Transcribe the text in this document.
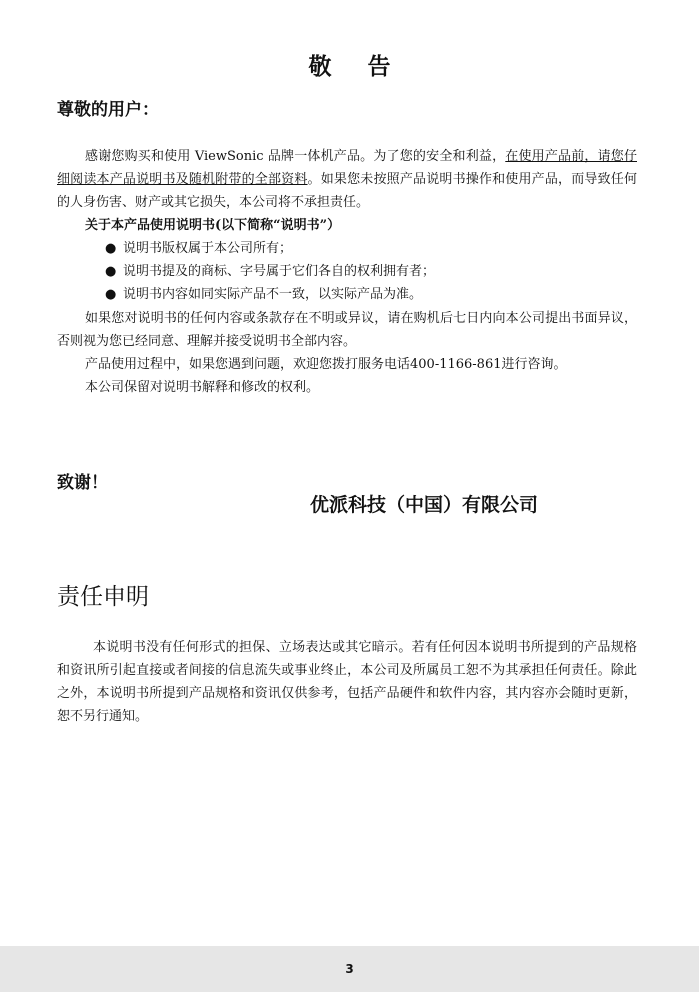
敬 告
尊敬的用户：
感谢您购买和使用 ViewSonic 品牌一体机产品。为了您的安全和利益，在使用产品前，请您仔细阅读本产品说明书及随机附带的全部资料。如果您未按照产品说明书操作和使用产品，而导致任何的人身伤害、财产或其它损失，本公司将不承担责任。
关于本产品使用说明书(以下简称“说明书”）
● 说明书版权属于本公司所有；
● 说明书提及的商标、字号属于它们各自的权利拥有者；
● 说明书内容如同实际产品不一致，以实际产品为准。
如果您对说明书的任何内容或条款存在不明或异议，请在购机后七日内向本公司提出书面异议，否则视为您已经同意、理解并接受说明书全部内容。
产品使用过程中，如果您遇到问题，欢迎您拨打服务电话400-1166-861进行咨询。
本公司保留对说明书解释和修改的权利。
致谢！
优派科技（中国）有限公司
责任申明
本说明书没有任何形式的担保、立场表达或其它暗示。若有任何因本说明书所提到的产品规格和资讯所引起直接或者间接的信息流失或事业终止，本公司及所属员工恕不为其承担任何责任。除此之外，本说明书所提到产品规格和资讯仅供参考，包括产品硬件和软件内容，其内容亦会随时更新，恕不另行通知。
3
